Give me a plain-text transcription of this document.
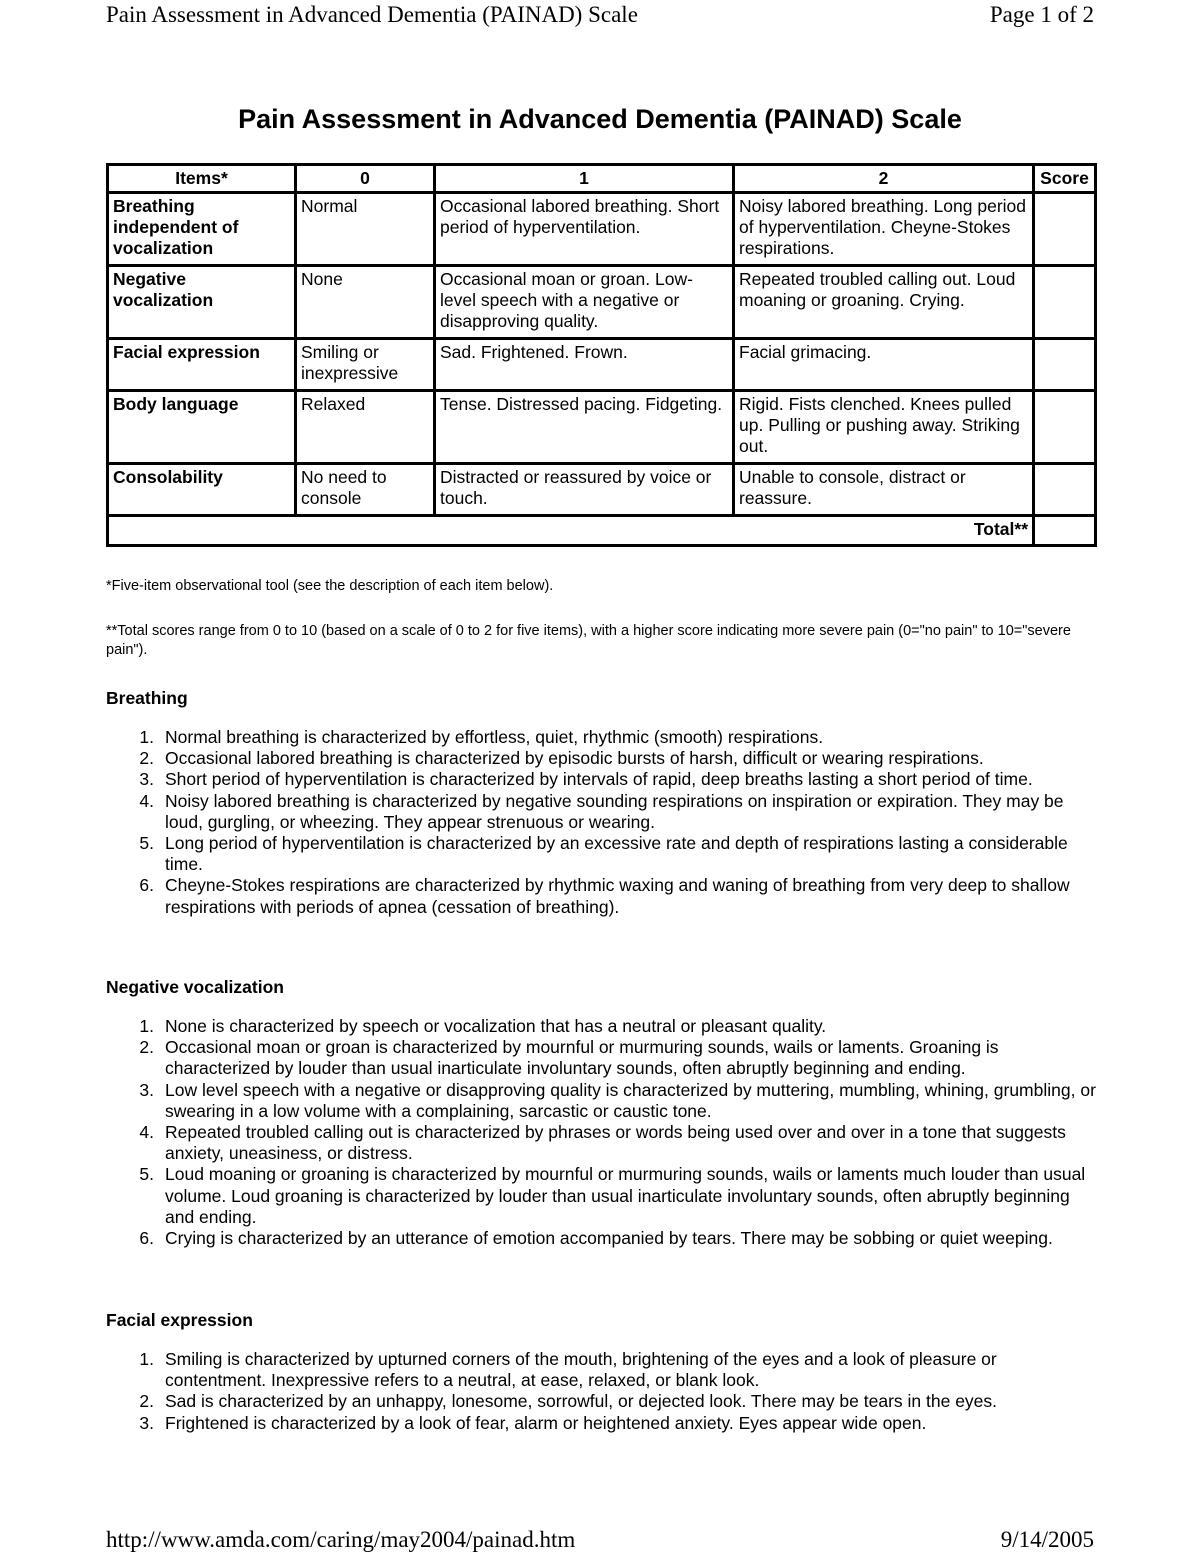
Pain Assessment in Advanced Dementia (PAINAD) Scale	Page 1 of 2
Pain Assessment in Advanced Dementia (PAINAD) Scale
Items*	0	1	2	Score
Breathing independent of vocalization	Normal	Occasional labored breathing. Short period of hyperventilation.	Noisy labored breathing. Long period of hyperventilation. Cheyne-Stokes respirations.	
Negative vocalization	None	Occasional moan or groan. Low-level speech with a negative or disapproving quality.	Repeated troubled calling out. Loud moaning or groaning. Crying.	
Facial expression	Smiling or inexpressive	Sad. Frightened. Frown.	Facial grimacing.	
Body language	Relaxed	Tense. Distressed pacing. Fidgeting.	Rigid. Fists clenched. Knees pulled up. Pulling or pushing away. Striking out.	
Consolability	No need to console	Distracted or reassured by voice or touch.	Unable to console, distract or reassure.	
Total**				
*Five-item observational tool (see the description of each item below).
**Total scores range from 0 to 10 (based on a scale of 0 to 2 for five items), with a higher score indicating more severe pain (0="no pain" to 10="severe pain").
Breathing
1. Normal breathing is characterized by effortless, quiet, rhythmic (smooth) respirations.
2. Occasional labored breathing is characterized by episodic bursts of harsh, difficult or wearing respirations.
3. Short period of hyperventilation is characterized by intervals of rapid, deep breaths lasting a short period of time.
4. Noisy labored breathing is characterized by negative sounding respirations on inspiration or expiration. They may be loud, gurgling, or wheezing. They appear strenuous or wearing.
5. Long period of hyperventilation is characterized by an excessive rate and depth of respirations lasting a considerable time.
6. Cheyne-Stokes respirations are characterized by rhythmic waxing and waning of breathing from very deep to shallow respirations with periods of apnea (cessation of breathing).
Negative vocalization
1. None is characterized by speech or vocalization that has a neutral or pleasant quality.
2. Occasional moan or groan is characterized by mournful or murmuring sounds, wails or laments. Groaning is characterized by louder than usual inarticulate involuntary sounds, often abruptly beginning and ending.
3. Low level speech with a negative or disapproving quality is characterized by muttering, mumbling, whining, grumbling, or swearing in a low volume with a complaining, sarcastic or caustic tone.
4. Repeated troubled calling out is characterized by phrases or words being used over and over in a tone that suggests anxiety, uneasiness, or distress.
5. Loud moaning or groaning is characterized by mournful or murmuring sounds, wails or laments much louder than usual volume. Loud groaning is characterized by louder than usual inarticulate involuntary sounds, often abruptly beginning and ending.
6. Crying is characterized by an utterance of emotion accompanied by tears. There may be sobbing or quiet weeping.
Facial expression
1. Smiling is characterized by upturned corners of the mouth, brightening of the eyes and a look of pleasure or contentment. Inexpressive refers to a neutral, at ease, relaxed, or blank look.
2. Sad is characterized by an unhappy, lonesome, sorrowful, or dejected look. There may be tears in the eyes.
3. Frightened is characterized by a look of fear, alarm or heightened anxiety. Eyes appear wide open.
http://www.amda.com/caring/may2004/painad.htm	9/14/2005
